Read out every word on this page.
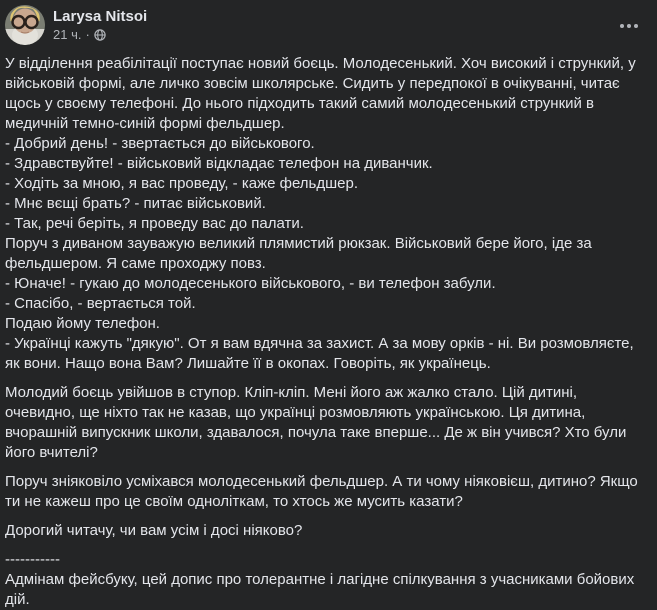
Larysa Nitsoi
21 ч. ·
У відділення реабілітації поступає новий боєць. Молодесенький. Хоч високий і стрункий, у військовій формі, але личко зовсім школярське. Сидить у передпокої в очікуванні, читає щось у своєму телефоні. До нього підходить такий самий молодесенький стрункий в медичній темно-синій формі фельдшер.
- Добрий день! - звертається до військового.
- Здравствуйте! - військовий відкладає телефон на диванчик.
- Ходіть за мною, я вас проведу, - каже фельдшер.
- Мнє вєщі брать? - питає військовий.
- Так, речі беріть, я проведу вас до палати.
Поруч з диваном зауважую великий плямистий рюкзак. Військовий бере його, іде за фельдшером. Я саме проходжу повз.
- Юначе! - гукаю до молодесенького військового, - ви телефон забули.
- Спасібо, - вертається той.
Подаю йому телефон.
- Українці кажуть "дякую". От я вам вдячна за захист. А за мову орків - ні. Ви розмовляєте, як вони. Нащо вона Вам? Лишайте її в окопах. Говоріть, як українець.
Молодий боєць увійшов в ступор. Кліп-кліп. Мені його аж жалко стало. Цій дитині, очевидно, ще ніхто так не казав, що українці розмовляють українською. Ця дитина, вчорашній випускник школи, здавалося, почула таке вперше... Де ж він учився? Хто були його вчителі?
Поруч зніяковіло усміхався молодесенький фельдшер. А ти чому ніяковієш, дитино? Якщо ти не кажеш про це своїм одноліткам, то хтось же мусить казати?
Дорогий читачу, чи вам усім і досі ніяково?
-----------
Адмінам фейсбуку, цей допис про толерантне і лагідне спілкування з учасниками бойових дій.
